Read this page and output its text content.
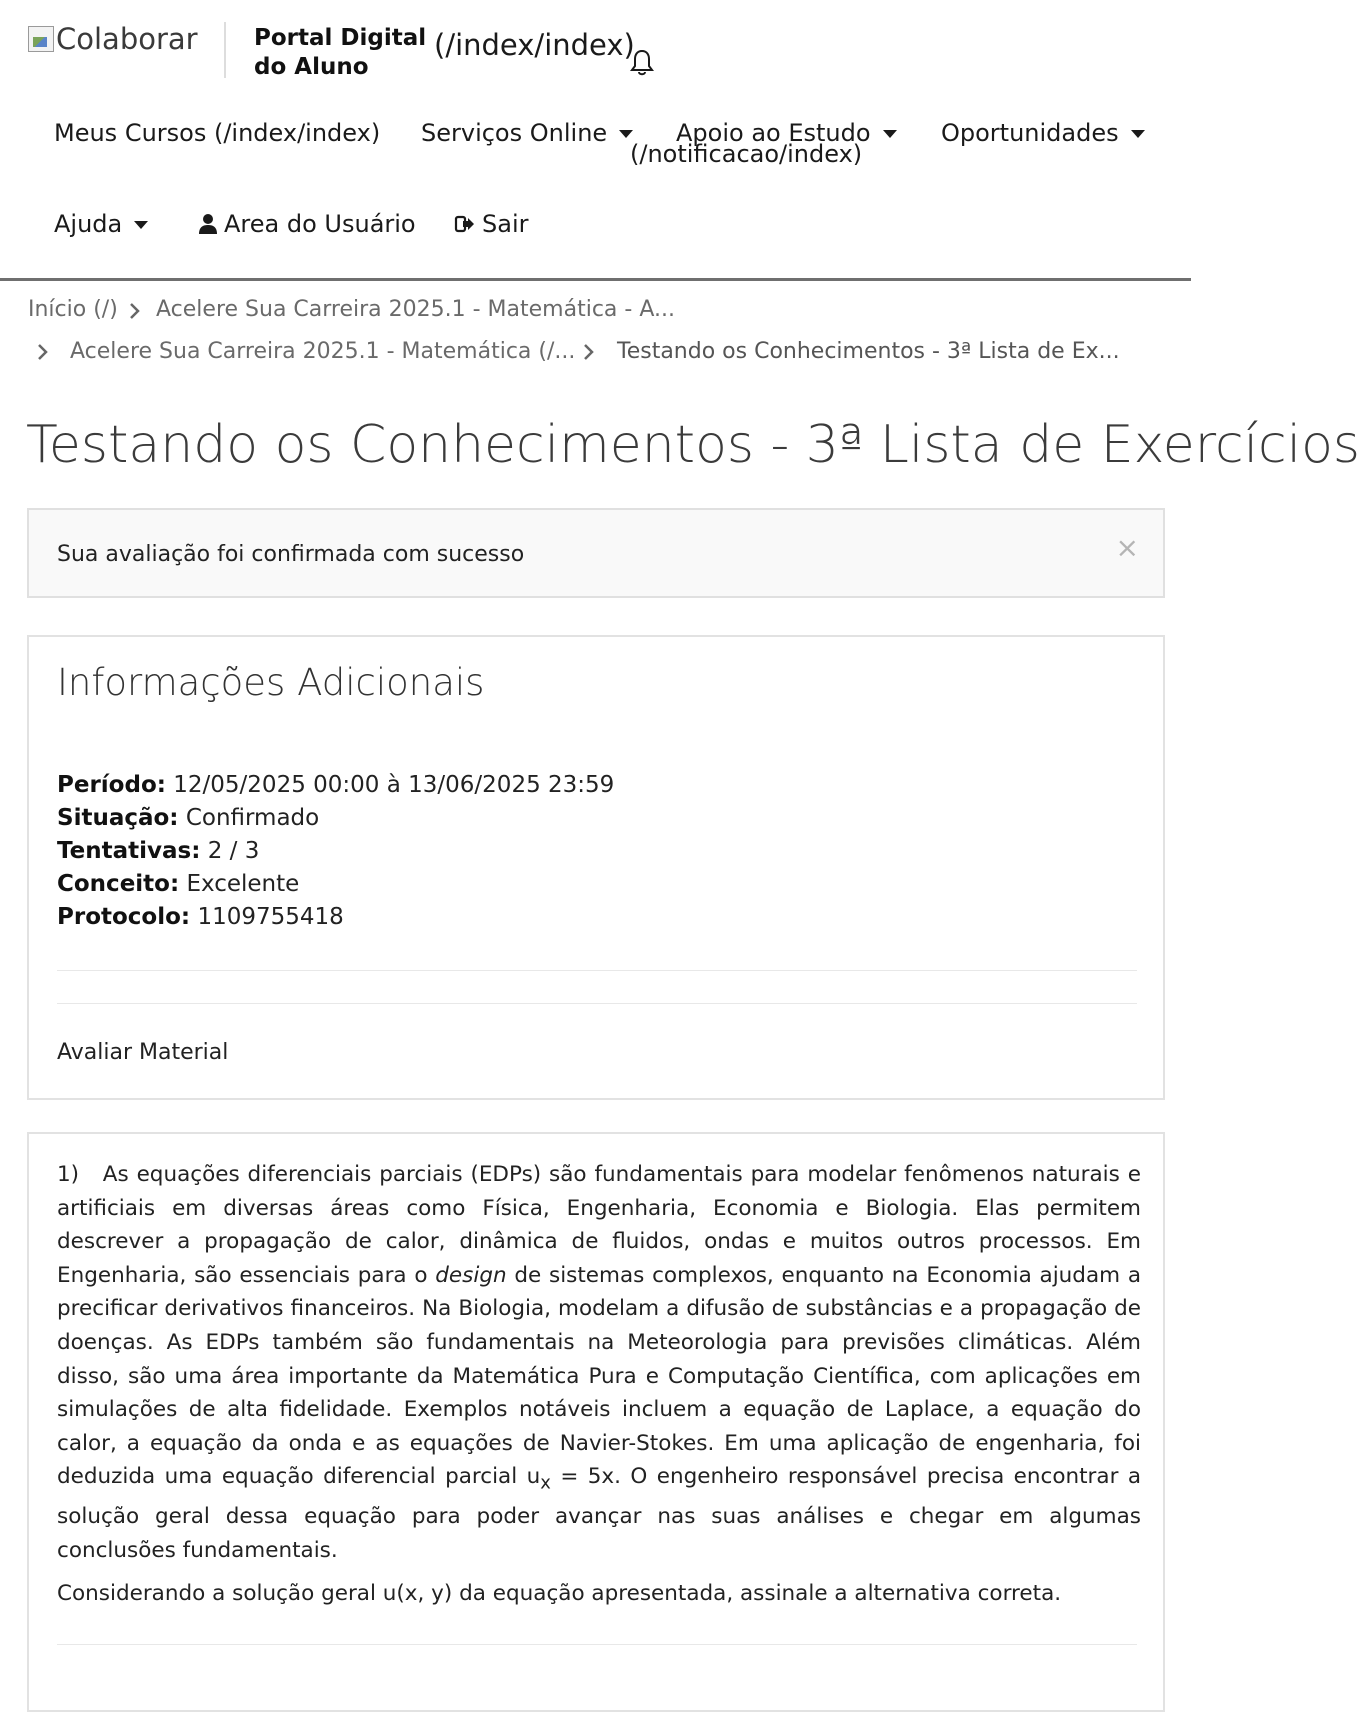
Colaborar Portal Digital
do Aluno
(/index/index)
Meus Cursos (/index/index) Serviços Online	Apoio ao Estudo	Oportunidades
(/notificacao/index)
Ajuda	Area do Usuário	Sair
Início (/) Acelere Sua Carreira 2025.1 - Matemática - A...
Acelere Sua Carreira 2025.1 - Matemática (/... Testando os Conhecimentos - 3ª Lista de Ex...
Testando os Conhecimentos - 3ª Lista de Exercícios
Sua avaliação foi confirmada com sucesso	×
Informações Adicionais
Período: 12/05/2025 00:00 à 13/06/2025 23:59
Situação: Confirmado
Tentativas: 2 / 3
Conceito: Excelente
Protocolo: 1109755418
Avaliar Material

1) As equações diferenciais parciais (EDPs) são fundamentais para modelar fenômenos naturais e artificiais em diversas áreas como Física, Engenharia, Economia e Biologia. Elas permitem descrever a propagação de calor, dinâmica de fluidos, ondas e muitos outros processos. Em Engenharia, são essenciais para o design de sistemas complexos, enquanto na Economia ajudam a precificar derivativos financeiros. Na Biologia, modelam a difusão de substâncias e a propagação de doenças. As EDPs também são fundamentais na Meteorologia para previsões climáticas. Além disso, são uma área importante da Matemática Pura e Computação Científica, com aplicações em simulações de alta fidelidade. Exemplos notáveis incluem a equação de Laplace, a equação do calor, a equação da onda e as equações de Navier-Stokes. Em uma aplicação de engenharia, foi deduzida uma equação diferencial parcial $u_x = 5x$. O engenheiro responsável precisa encontrar a solução geral dessa equação para poder avançar nas suas análises e chegar em algumas conclusões fundamentais.

Considerando a solução geral u(x, y) da equação apresentada, assinale a alternativa correta.
